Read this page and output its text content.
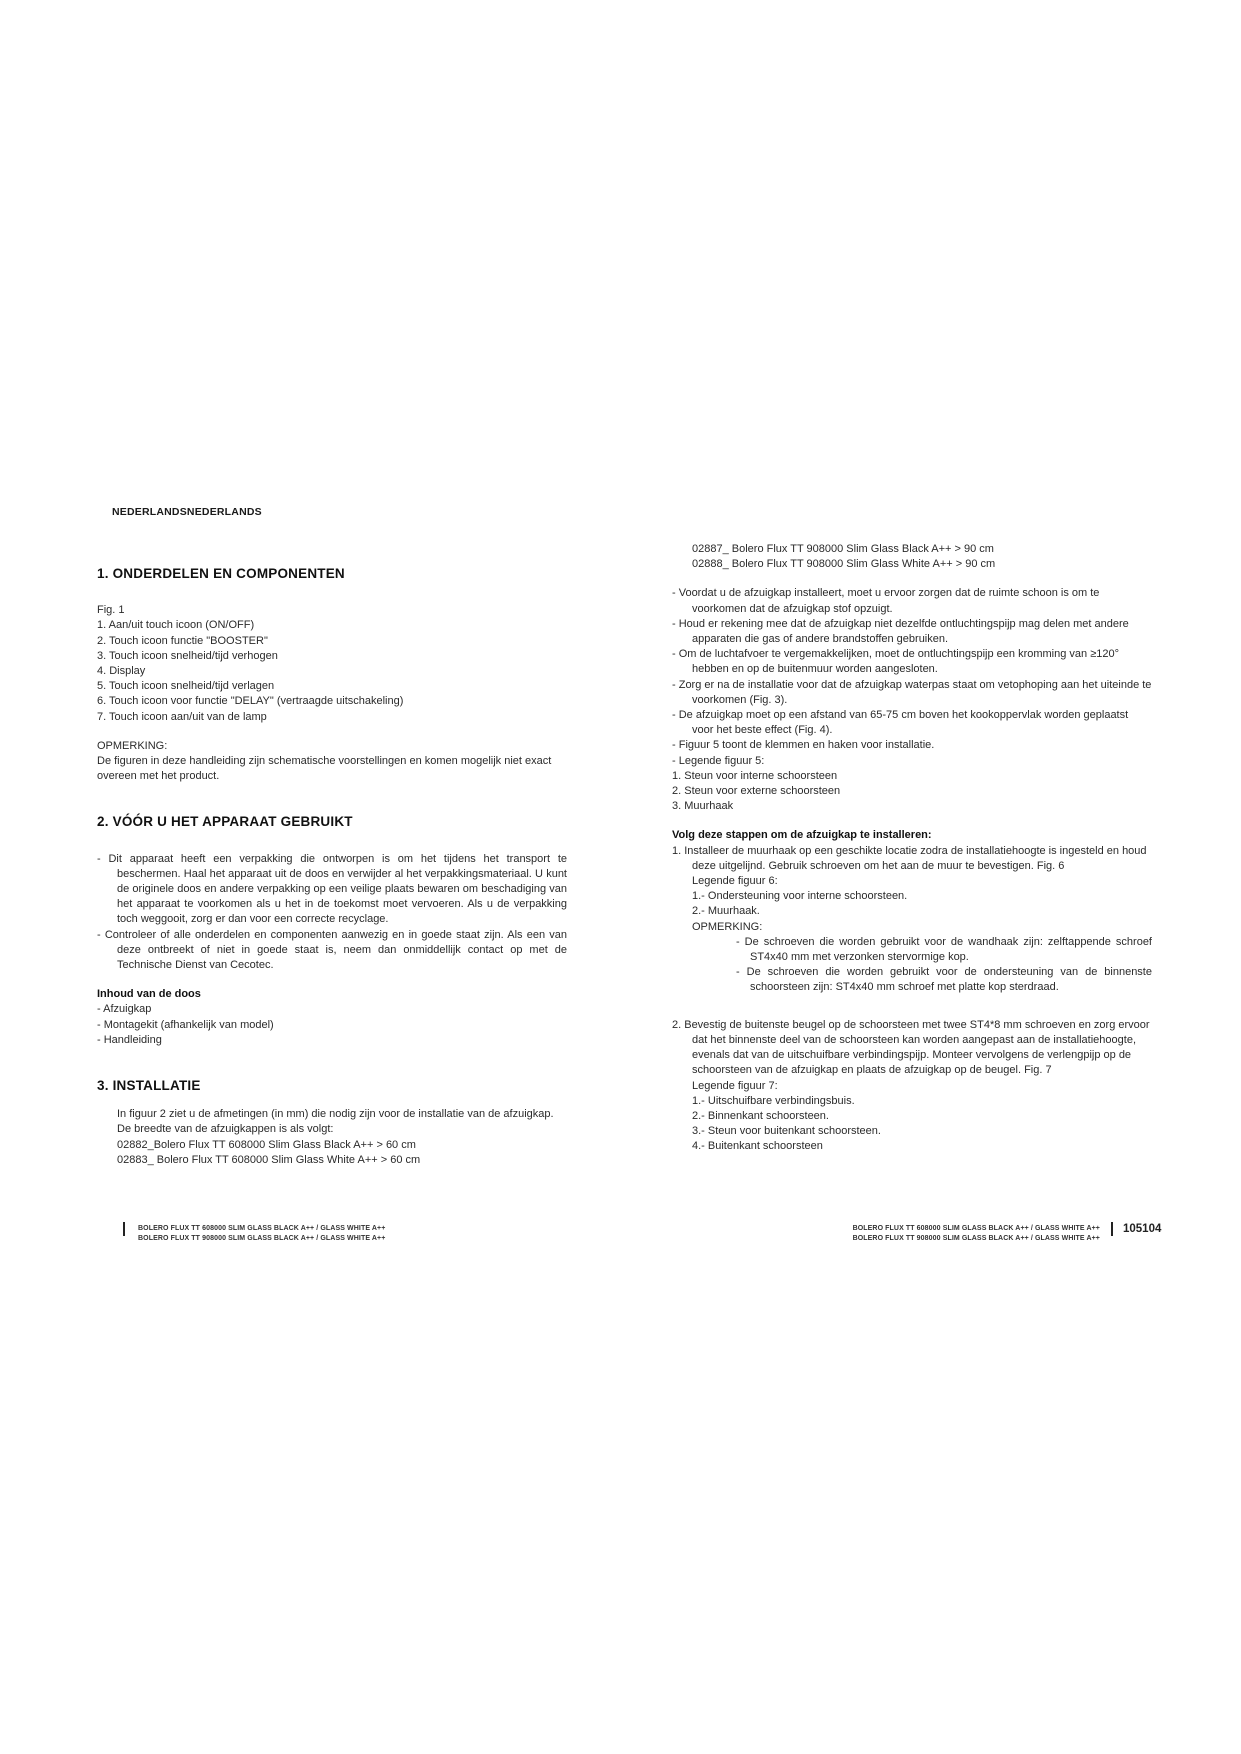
NEDERLANDSNEDERLANDS
1. ONDERDELEN EN COMPONENTEN

Fig. 1

1. Aan/uit touch icoon (ON/OFF)

2. Touch icoon functie "BOOSTER"

3. Touch icoon snelheid/tijd verhogen

4. Display

5. Touch icoon snelheid/tijd verlagen

6. Touch icoon voor functie "DELAY" (vertraagde uitschakeling)

7. Touch icoon aan/uit van de lamp

OPMERKING:

De figuren in deze handleiding zijn schematische voorstellingen en komen mogelijk niet exact overeen met het product.

2. VÓÓR U HET APPARAAT GEBRUIKT

- Dit apparaat heeft een verpakking die ontworpen is om het tijdens het transport te beschermen. Haal het apparaat uit de doos en verwijder al het verpakkingsmateriaal. U kunt de originele doos en andere verpakking op een veilige plaats bewaren om beschadiging van het apparaat te voorkomen als u het in de toekomst moet vervoeren. Als u de verpakking toch weggooit, zorg er dan voor een correcte recyclage.

- Controleer of alle onderdelen en componenten aanwezig en in goede staat zijn. Als een van deze ontbreekt of niet in goede staat is, neem dan onmiddellijk contact op met de Technische Dienst van Cecotec.

Inhoud van de doos

- Afzuigkap

- Montagekit (afhankelijk van model)

- Handleiding

3. INSTALLATIE

In figuur 2 ziet u de afmetingen (in mm) die nodig zijn voor de installatie van de afzuigkap.

De breedte van de afzuigkappen is als volgt:

02882_Bolero Flux TT 608000 Slim Glass Black A++ > 60 cm

02883_ Bolero Flux TT 608000 Slim Glass White A++ > 60 cm

02887_ Bolero Flux TT 908000 Slim Glass Black A++ > 90 cm

02888_ Bolero Flux TT 908000 Slim Glass White A++ > 90 cm

- Voordat u de afzuigkap installeert, moet u ervoor zorgen dat de ruimte schoon is om te voorkomen dat de afzuigkap stof opzuigt.

- Houd er rekening mee dat de afzuigkap niet dezelfde ontluchtingspijp mag delen met andere apparaten die gas of andere brandstoffen gebruiken.

- Om de luchtafvoer te vergemakkelijken, moet de ontluchtingspijp een kromming van ≥120° hebben en op de buitenmuur worden aangesloten.

- Zorg er na de installatie voor dat de afzuigkap waterpas staat om vetophoping aan het uiteinde te voorkomen (Fig. 3).

- De afzuigkap moet op een afstand van 65-75 cm boven het kookoppervlak worden geplaatst voor het beste effect (Fig. 4).

- Figuur 5 toont de klemmen en haken voor installatie.

- Legende figuur 5:

1. Steun voor interne schoorsteen

2. Steun voor externe schoorsteen

3. Muurhaak

Volg deze stappen om de afzuigkap te installeren:

1. Installeer de muurhaak op een geschikte locatie zodra de installatiehoogte is ingesteld en houd deze uitgelijnd. Gebruik schroeven om het aan de muur te bevestigen. Fig. 6

Legende figuur 6:

1.- Ondersteuning voor interne schoorsteen.

2.- Muurhaak.

OPMERKING:

- De schroeven die worden gebruikt voor de wandhaak zijn: zelftappende schroef ST4x40 mm met verzonken stervormige kop.

- De schroeven die worden gebruikt voor de ondersteuning van de binnenste schoorsteen zijn: ST4x40 mm schroef met platte kop sterdraad.

2. Bevestig de buitenste beugel op de schoorsteen met twee ST4*8 mm schroeven en zorg ervoor dat het binnenste deel van de schoorsteen kan worden aangepast aan de installatiehoogte, evenals dat van de uitschuifbare verbindingspijp. Monteer vervolgens de verlengpijp op de schoorsteen van de afzuigkap en plaats de afzuigkap op de beugel. Fig. 7

Legende figuur 7:

1.- Uitschuifbare verbindingsbuis.

2.- Binnenkant schoorsteen.

3.- Steun voor buitenkant schoorsteen.

4.- Buitenkant schoorsteen

BOLERO FLUX TT 608000 SLIM GLASS BLACK A++ / GLASS WHITE A++
BOLERO FLUX TT 908000 SLIM GLASS BLACK A++ / GLASS WHITE A++
BOLERO FLUX TT 608000 SLIM GLASS BLACK A++ / GLASS WHITE A++
BOLERO FLUX TT 908000 SLIM GLASS BLACK A++ / GLASS WHITE A++
105104
